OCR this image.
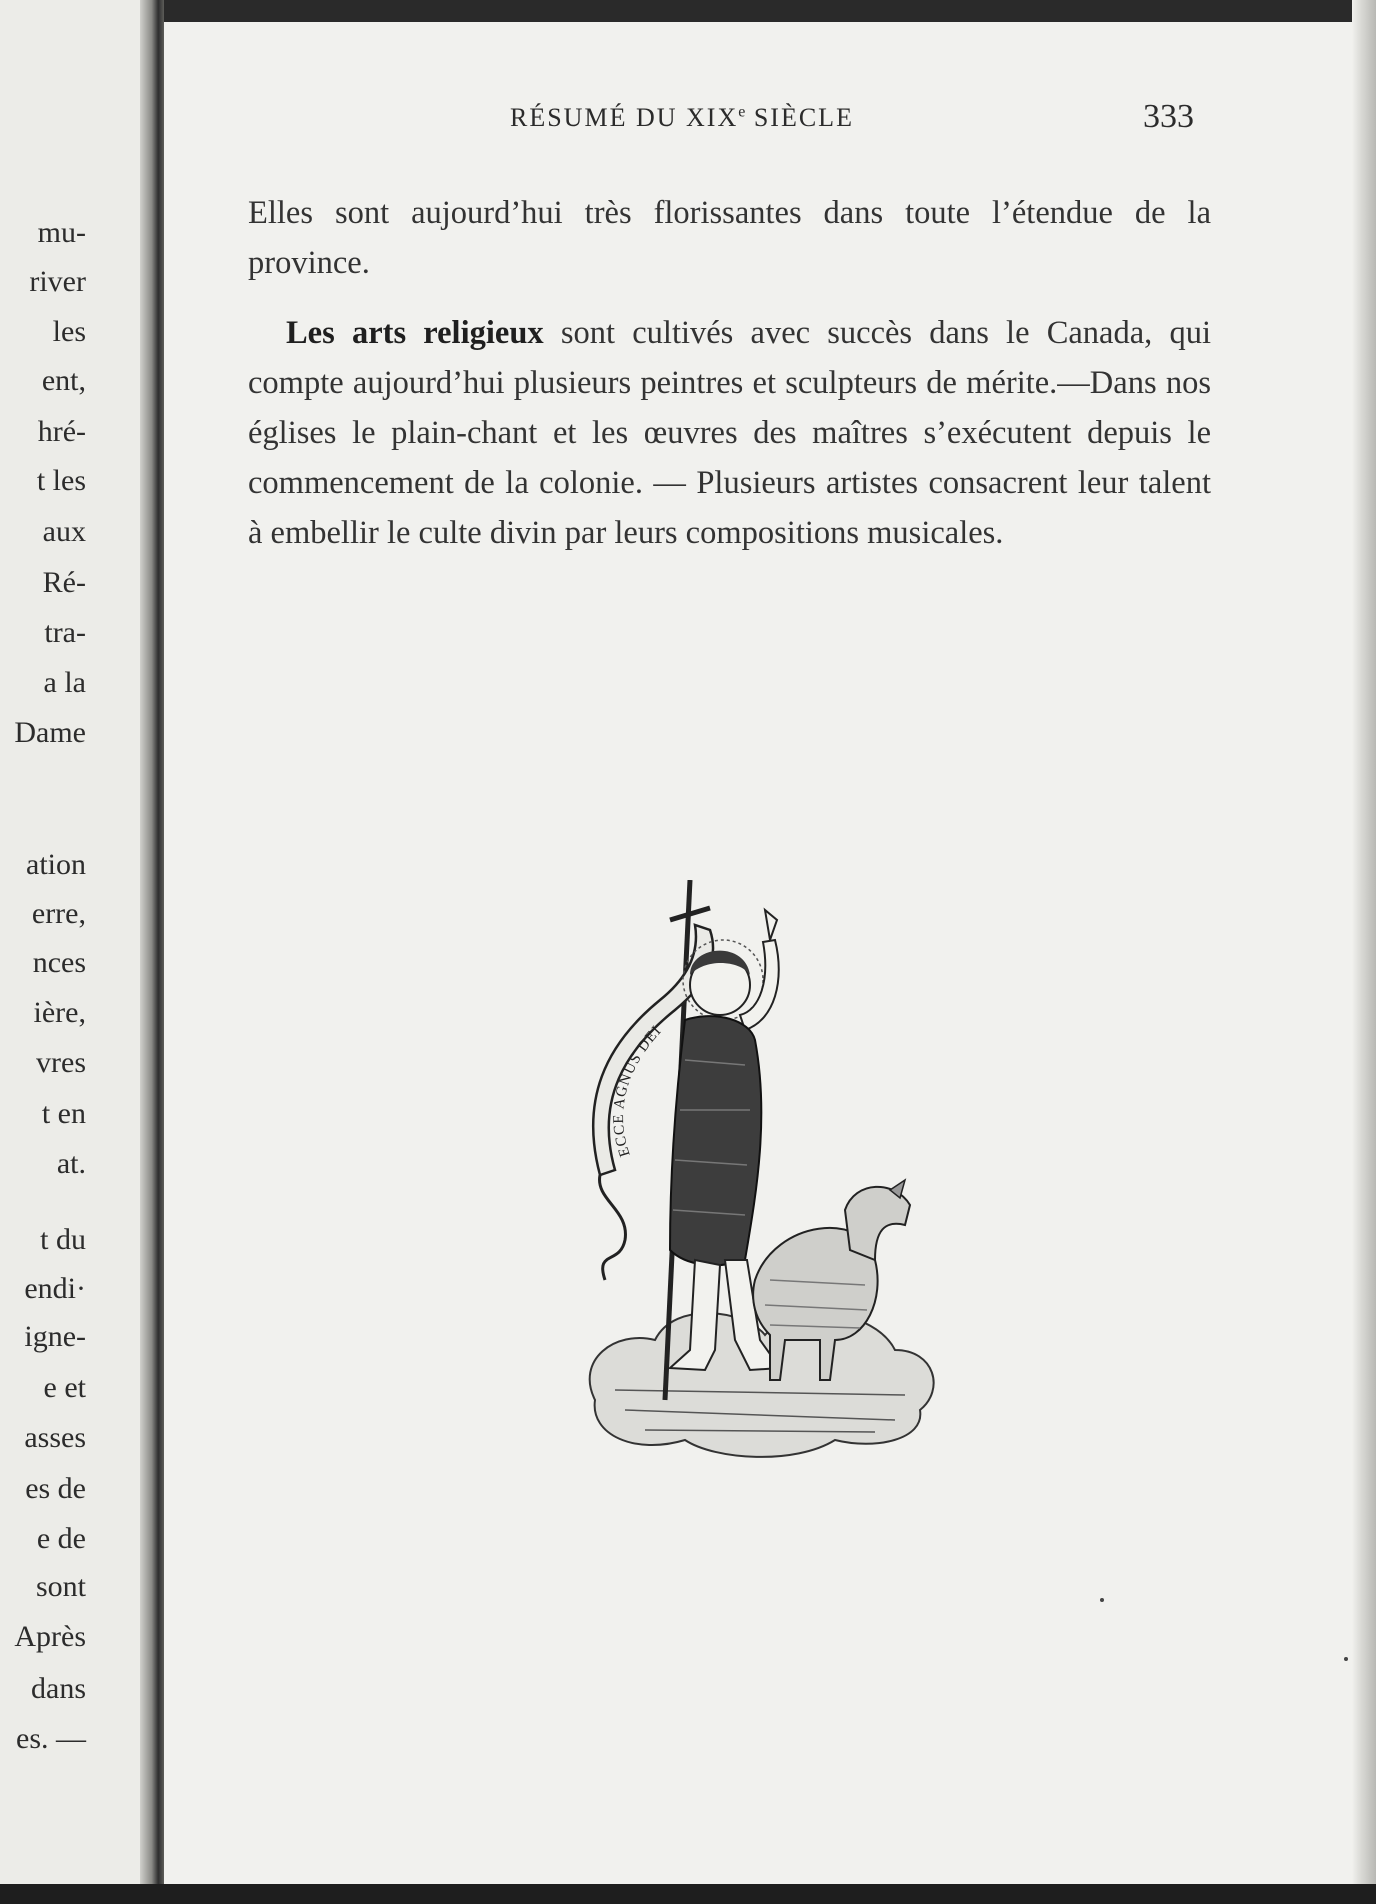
mu-
river
les
ent,
hré-
t les
aux
Ré-
tra-
a la
Dame
ation
erre,
nces
ière,
vres
t en
at.
t du
endi·
igne-
e et
asses
es de
e de
sont
Après
dans
es. —
RÉSUMÉ DU XIXe SIÈCLE	333

Elles sont aujourd’hui très florissantes dans toute l’étendue de la province.

Les arts religieux sont cultivés avec succès dans le Canada, qui compte aujourd’hui plusieurs peintres et sculpteurs de mérite.—Dans nos églises le plain-chant et les œuvres des maîtres s’exécutent depuis le commencement de la colonie. — Plusieurs artistes consacrent leur talent à embellir le culte divin par leurs compositions musicales.

ECCE AGNUS DEI
